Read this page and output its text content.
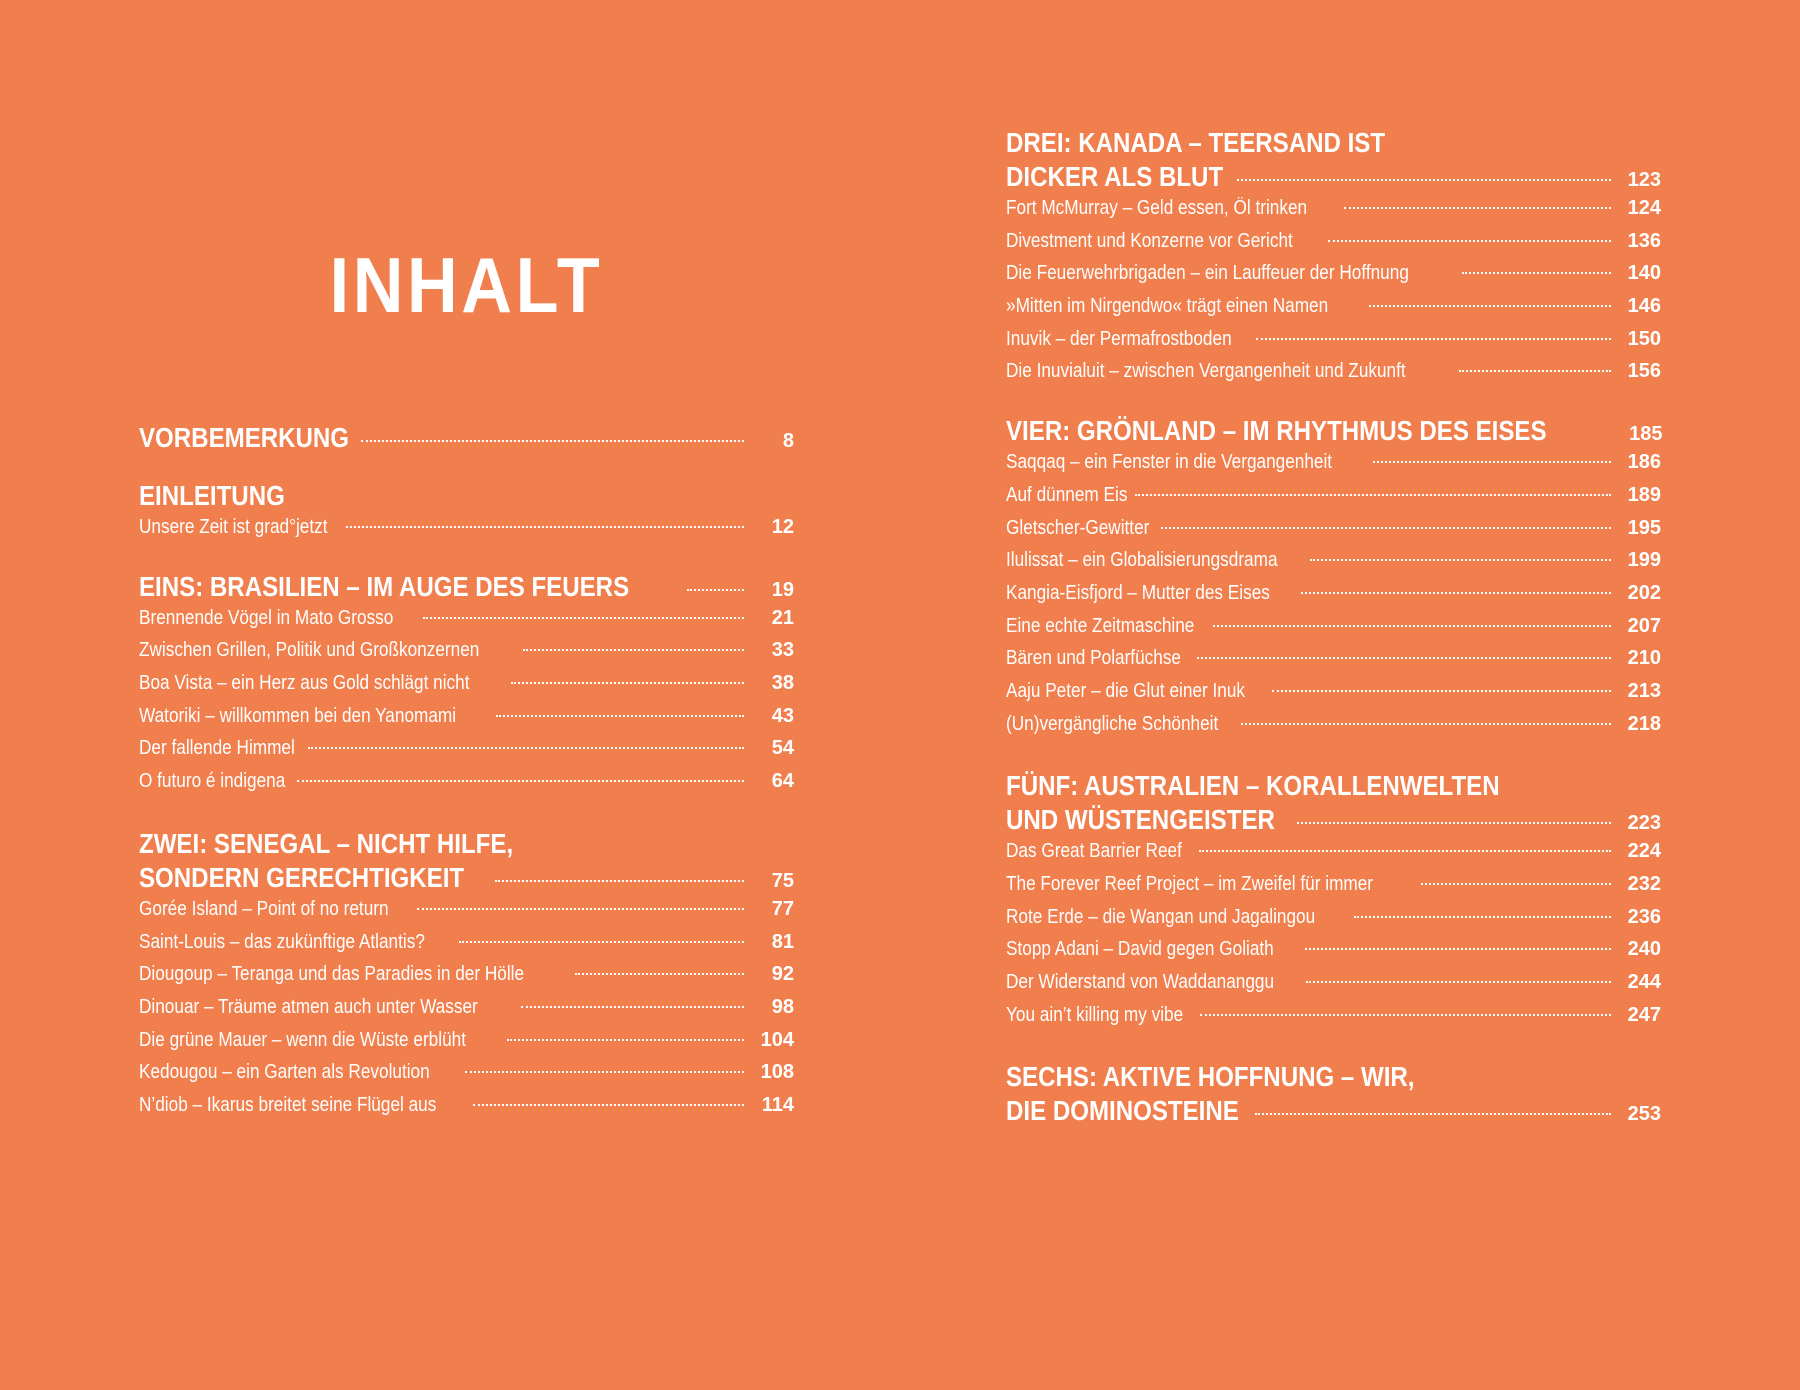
INHALT
VORBEMERKUNG	8
EINLEITUNG
Unsere Zeit ist grad°jetzt	12
EINS: BRASILIEN – IM AUGE DES FEUERS	19
Brennende Vögel in Mato Grosso	21
Zwischen Grillen, Politik und Großkonzernen	33
Boa Vista – ein Herz aus Gold schlägt nicht	38
Watoriki – willkommen bei den Yanomami	43
Der fallende Himmel	54
O futuro é indigena	64
ZWEI: SENEGAL – NICHT HILFE,
SONDERN GERECHTIGKEIT	75
Gorée Island – Point of no return	77
Saint-Louis – das zukünftige Atlantis?	81
Diougoup – Teranga und das Paradies in der Hölle	92
Dinouar – Träume atmen auch unter Wasser	98
Die grüne Mauer – wenn die Wüste erblüht	104
Kedougou – ein Garten als Revolution	108
N’diob – Ikarus breitet seine Flügel aus	114
DREI: KANADA – TEERSAND IST
DICKER ALS BLUT	123
Fort McMurray – Geld essen, Öl trinken	124
Divestment und Konzerne vor Gericht	136
Die Feuerwehrbrigaden – ein Lauffeuer der Hoffnung	140
»Mitten im Nirgendwo« trägt einen Namen	146
Inuvik – der Permafrostboden	150
Die Inuvialuit – zwischen Vergangenheit und Zukunft	156
VIER: GRÖNLAND – IM RHYTHMUS DES EISES	185
Saqqaq – ein Fenster in die Vergangenheit	186
Auf dünnem Eis	189
Gletscher-Gewitter	195
Ilulissat – ein Globalisierungsdrama	199
Kangia-Eisfjord – Mutter des Eises	202
Eine echte Zeitmaschine	207
Bären und Polarfüchse	210
Aaju Peter – die Glut einer Inuk	213
(Un)vergängliche Schönheit	218
FÜNF: AUSTRALIEN – KORALLENWELTEN
UND WÜSTENGEISTER	223
Das Great Barrier Reef	224
The Forever Reef Project – im Zweifel für immer	232
Rote Erde – die Wangan und Jagalingou	236
Stopp Adani – David gegen Goliath	240
Der Widerstand von Waddananggu	244
You ain’t killing my vibe	247
SECHS: AKTIVE HOFFNUNG – WIR,
DIE DOMINOSTEINE	253
